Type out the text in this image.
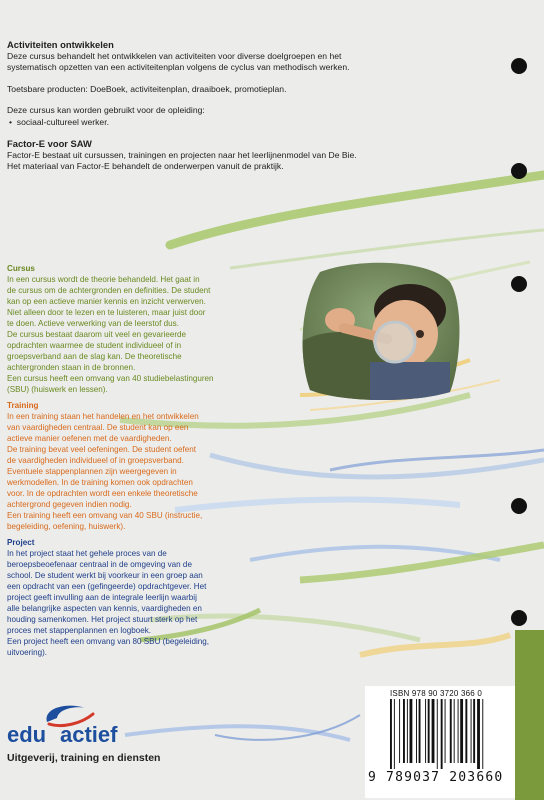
Activiteiten ontwikkelen

Deze cursus behandelt het ontwikkelen van activiteiten voor diverse doelgroepen en het systematisch opzetten van een activiteitenplan volgens de cyclus van methodisch werken.

Toetsbare producten: DoeBoek, activiteitenplan, draaiboek, promotieplan.

Deze cursus kan worden gebruikt voor de opleiding:

•  sociaal-cultureel werker.

Factor-E voor SAW

Factor-E bestaat uit cursussen, trainingen en projecten naar het leerlijnenmodel van De Bie. Het materiaal van Factor-E behandelt de onderwerpen vanuit de praktijk.

Cursus
In een cursus wordt de theorie behandeld. Het gaat in
de cursus om de achtergronden en definities. De student
kan op een actieve manier kennis en inzicht verwerven.
Niet alleen door te lezen en te luisteren, maar juist door
te doen. Actieve verwerking van de leerstof dus.
De cursus bestaat daarom uit veel en gevarieerde
opdrachten waarmee de student individueel of in
groepsverband aan de slag kan. De theoretische
achtergronden staan in de bronnen.
Een cursus heeft een omvang van 40 studiebelastinguren
(SBU) (huiswerk en lessen).
Training
In een training staan het handelen en het ontwikkelen
van vaardigheden centraal. De student kan op een
actieve manier oefenen met de vaardigheden.
De training bevat veel oefeningen. De student oefent
de vaardigheden individueel of in groepsverband.
Eventuele stappenplannen zijn weergegeven in
werkmodellen. In de training komen ook opdrachten
voor. In de opdrachten wordt een enkele theoretische
achtergrond gegeven indien nodig.
Een training heeft een omvang van 40 SBU (instructie,
begeleiding, oefening, huiswerk).
Project
In het project staat het gehele proces van de
beroepsbeoefenaar centraal in de omgeving van de
school. De student werkt bij voorkeur in een groep aan
een opdracht van een (gefingeerde) opdrachtgever. Het
project geeft invulling aan de integrale leerlijn waarbij
alle belangrijke aspecten van kennis, vaardigheden en
houding samenkomen. Het project stuurt sterk op het
proces met stappenplannen en logboek.
Een project heeft een omvang van 80 SBU (begeleiding,
uitvoering).
edu actief
Uitgeverij, training en diensten
ISBN 978 90 3720 366 0
9 789037 203660
